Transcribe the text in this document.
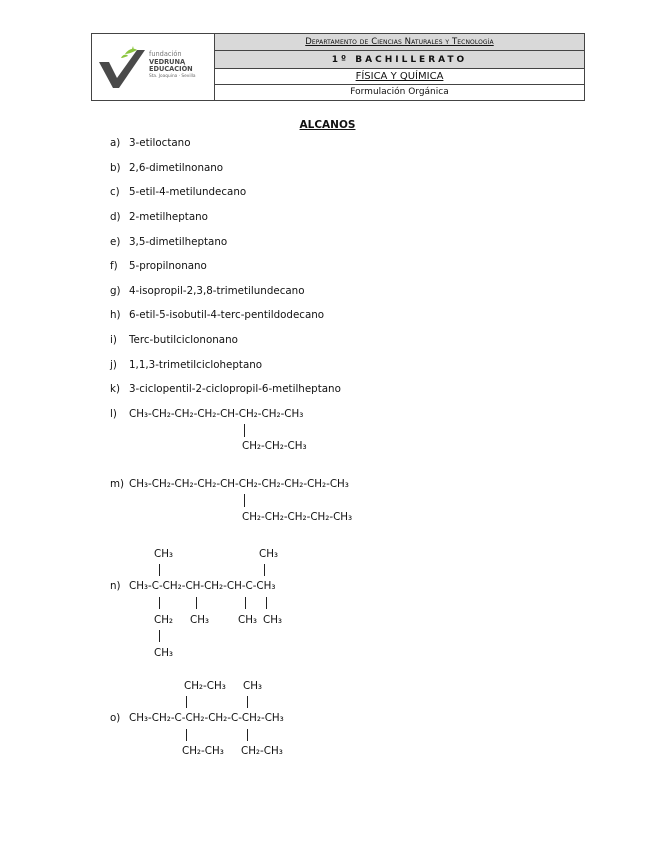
fundación
VEDRUNA
EDUCACIÓN
Sta. Joaquina · Sevilla
Departamento de Ciencias Naturales y Tecnología
1º BACHILLERATO
FÍSICA Y QUÍMICA
Formulación Orgánica
ALCANOS
a) 3-etiloctano
b) 2,6-dimetilnonano
c) 5-etil-4-metilundecano
d) 2-metilheptano
e) 3,5-dimetilheptano
f)	5-propilnonano
g) 4-isopropil-2,3,8-trimetilundecano
h) 6-etil-5-isobutil-4-terc-pentildodecano
i)	Terc-butilciclononano
j)	1,1,3-trimetilcicloheptano
k) 3-ciclopentil-2-ciclopropil-6-metilheptano
l) CH₃-CH₂-CH₂-CH₂-CH-CH₂-CH₂-CH₃
CH₂-CH₂-CH₃
m) CH₃-CH₂-CH₂-CH₂-CH-CH₂-CH₂-CH₂-CH₂-CH₃
CH₂-CH₂-CH₂-CH₂-CH₃
CH₃	CH₃
n) CH₃-C-CH₂-CH-CH₂-CH-C-CH₃
CH₂ CH₃	CH₃ CH₃
CH₃
CH₂-CH₃ CH₃
o) CH₃-CH₂-C-CH₂-CH₂-C-CH₂-CH₃
CH₂-CH₃ CH₂-CH₃
